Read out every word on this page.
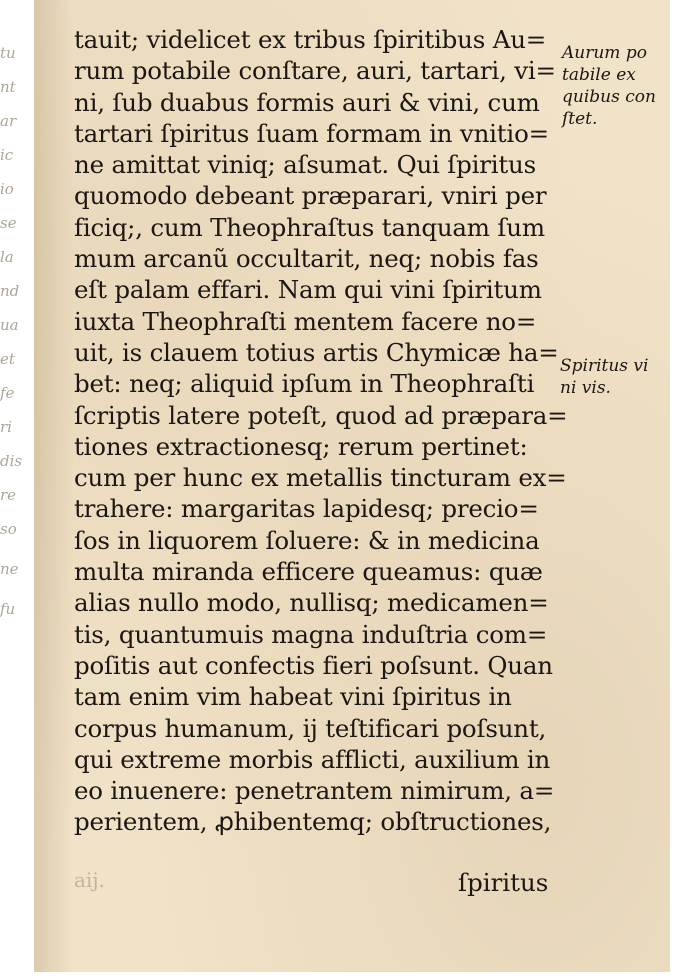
tu
nt
ar
ic
io
se
la
nd
ua
et
fe
ri
dis
re
so
ne
fu
tauit; videlicet ex tribus ſpiritibus Au=
rum potabile conſtare, auri, tartari, vi=
ni, ſub duabus formis auri & vini, cum
tartari ſpiritus ſuam formam in vnitio=
ne amittat viniq; aſsumat. Qui ſpiritus
quomodo debeant præparari, vniri per
ficiq;, cum Theophraſtus tanquam ſum
mum arcanũ occultarit, neq; nobis fas
eſt palam effari. Nam qui vini ſpiritum
iuxta Theophraſti mentem facere no=
uit, is clauem totius artis Chymicæ ha=
bet: neq; aliquid ipſum in Theophraſti
ſcriptis latere poteſt, quod ad præpara=
tiones extractionesq; rerum pertinet:
cum per hunc ex metallis tincturam ex=
trahere: margaritas lapidesq; precio=
ſos in liquorem ſoluere: & in medicina
multa miranda efficere queamus: quæ
alias nullo modo, nullisq; medicamen=
tis, quantumuis magna induſtria com=
poſitis aut confectis fieri poſsunt. Quan
tam enim vim habeat vini ſpiritus in
corpus humanum, ij teſtificari poſsunt,
qui extreme morbis afflicti, auxilium in
eo inuenere: penetrantem nimirum, a=
perientem, ꝓhibentemq; obſtructiones,
Aurum po
tabile ex
quibus con
ſtet.
Spiritus vi
ni vis.
aij.	ſpiritus
